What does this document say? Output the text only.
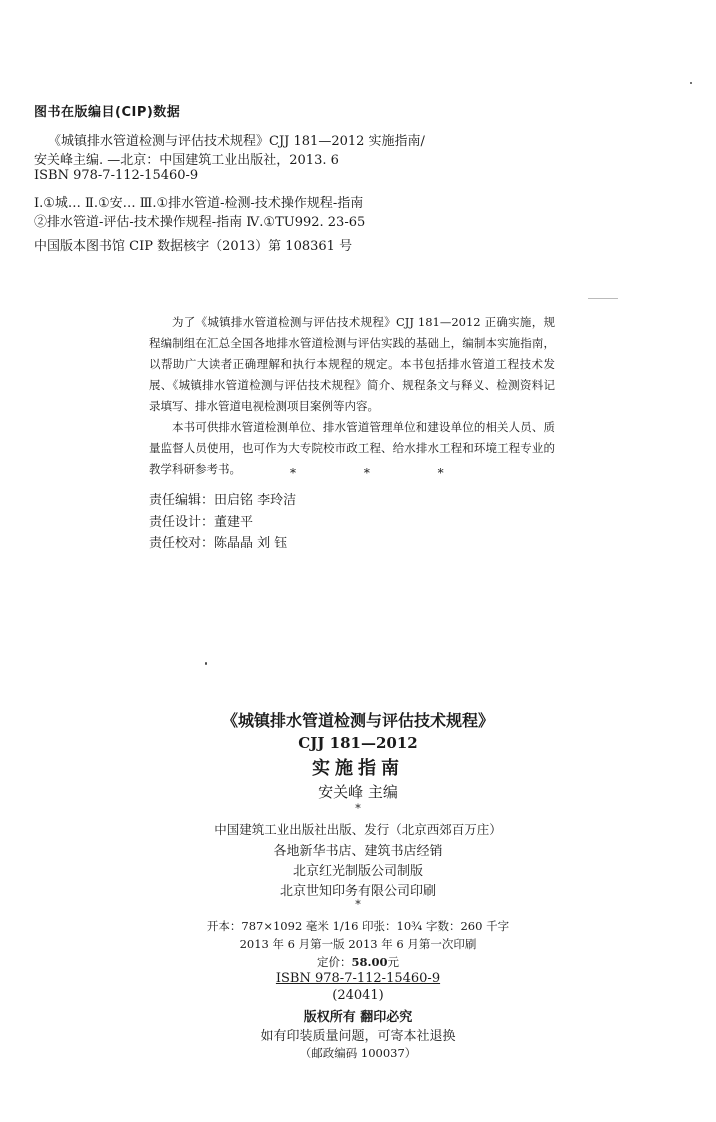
图书在版编目(CIP)数据
《城镇排水管道检测与评估技术规程》CJJ 181—2012 实施指南/
安关峰主编. —北京：中国建筑工业出版社，2013. 6
ISBN 978-7-112-15460-9
Ⅰ.①城… Ⅱ.①安… Ⅲ.①排水管道-检测-技术操作规程-指南
②排水管道-评估-技术操作规程-指南 Ⅳ.①TU992. 23-65
中国版本图书馆 CIP 数据核字（2013）第 108361 号

为了《城镇排水管道检测与评估技术规程》CJJ 181—2012 正确实施，规程编制组在汇总全国各地排水管道检测与评估实践的基础上，编制本实施指南，以帮助广大读者正确理解和执行本规程的规定。本书包括排水管道工程技术发展、《城镇排水管道检测与评估技术规程》简介、规程条文与释义、检测资料记录填写、排水管道电视检测项目案例等内容。

本书可供排水管道检测单位、排水管道管理单位和建设单位的相关人员、质量监督人员使用，也可作为大专院校市政工程、给水排水工程和环境工程专业的教学科研参考书。	* * *
责任编辑：田启铭 李玲洁
责任设计：董建平
责任校对：陈晶晶 刘 钰
《城镇排水管道检测与评估技术规程》
CJJ 181—2012
实施指南
安关峰 主编
*
中国建筑工业出版社出版、发行（北京西郊百万庄）
各地新华书店、建筑书店经销
北京红光制版公司制版
北京世知印务有限公司印刷
*
开本：787×1092 毫米 1/16 印张：10¾ 字数：260 千字
2013 年 6 月第一版 2013 年 6 月第一次印刷
定价：58.00元
ISBN 978-7-112-15460-9
(24041)
版权所有 翻印必究
如有印装质量问题，可寄本社退换
（邮政编码 100037）
